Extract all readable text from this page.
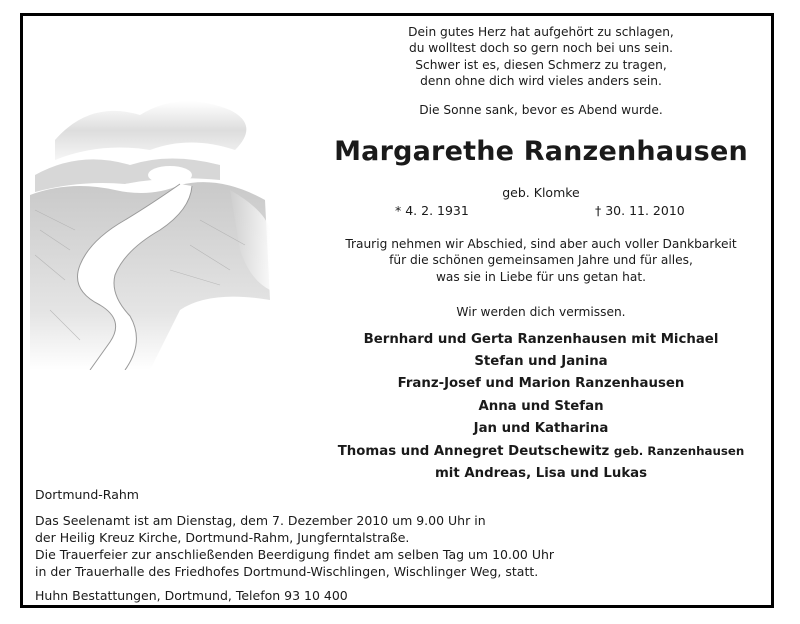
Dein gutes Herz hat aufgehört zu schlagen,
du wolltest doch so gern noch bei uns sein.
Schwer ist es, diesen Schmerz zu tragen,
denn ohne dich wird vieles anders sein.
Die Sonne sank, bevor es Abend wurde.
Margarethe Ranzenhausen
geb. Klomke
* 4. 2. 1931	† 30. 11. 2010
Traurig nehmen wir Abschied, sind aber auch voller Dankbarkeit
für die schönen gemeinsamen Jahre und für alles,
was sie in Liebe für uns getan hat.
Wir werden dich vermissen.
Bernhard und Gerta Ranzenhausen mit Michael
Stefan und Janina
Franz-Josef und Marion Ranzenhausen
Anna und Stefan
Jan und Katharina
Thomas und Annegret Deutschewitz geb. Ranzenhausen
mit Andreas, Lisa und Lukas
Dortmund-Rahm
Das Seelenamt ist am Dienstag, dem 7. Dezember 2010 um 9.00 Uhr in
der Heilig Kreuz Kirche, Dortmund-Rahm, Jungferntalstraße.
Die Trauerfeier zur anschließenden Beerdigung findet am selben Tag um 10.00 Uhr
in der Trauerhalle des Friedhofes Dortmund-Wischlingen, Wischlinger Weg, statt.
Huhn Bestattungen, Dortmund, Telefon 93 10 400
